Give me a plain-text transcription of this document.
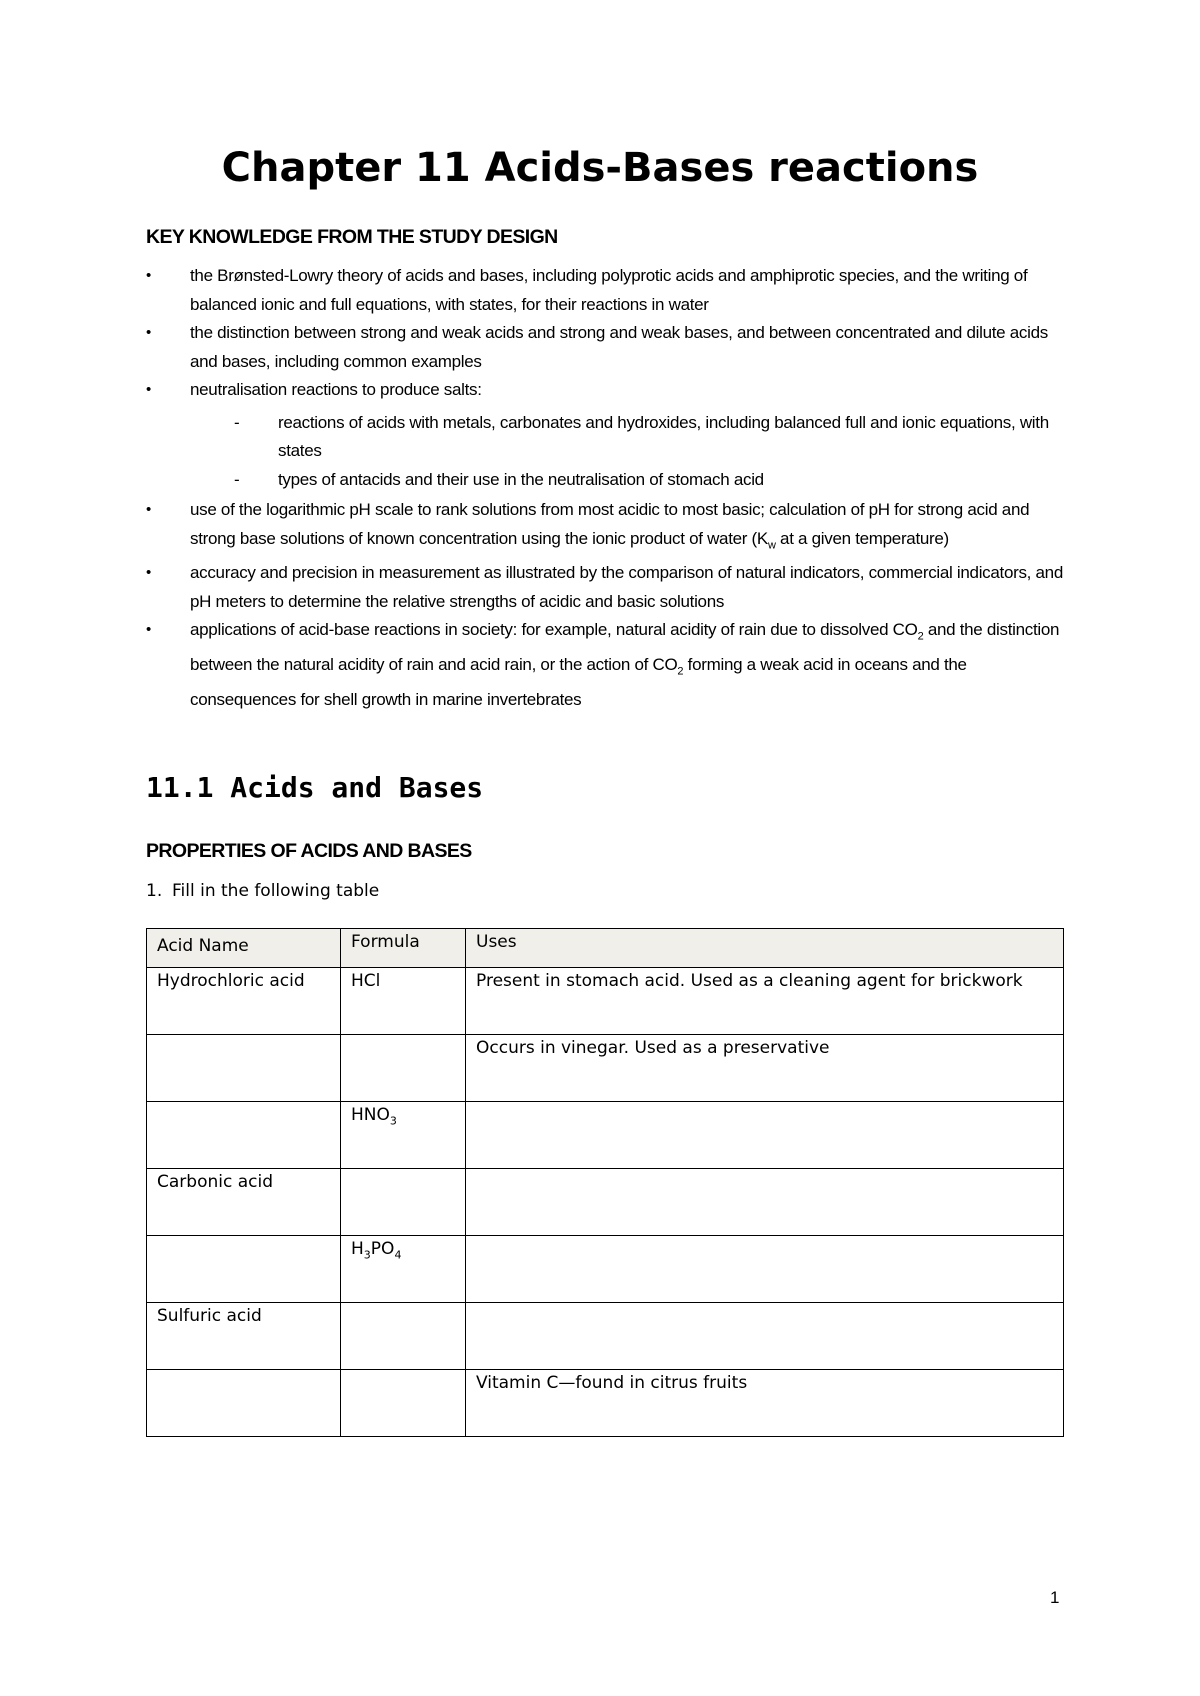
Chapter 11 Acids-Bases reactions
KEY KNOWLEDGE FROM THE STUDY DESIGN
• the Brønsted-Lowry theory of acids and bases, including polyprotic acids and amphiprotic species, and the writing of balanced ionic and full equations, with states, for their reactions in water
• the distinction between strong and weak acids and strong and weak bases, and between concentrated and dilute acids and bases, including common examples
• neutralisation reactions to produce salts:
- reactions of acids with metals, carbonates and hydroxides, including balanced full and ionic equations, with states
- types of antacids and their use in the neutralisation of stomach acid
• use of the logarithmic pH scale to rank solutions from most acidic to most basic; calculation of pH for strong acid and strong base solutions of known concentration using the ionic product of water ($K_w$ at a given temperature)
• accuracy and precision in measurement as illustrated by the comparison of natural indicators, commercial indicators, and pH meters to determine the relative strengths of acidic and basic solutions
• applications of acid-base reactions in society: for example, natural acidity of rain due to dissolved $CO_2$ and the distinction between the natural acidity of rain and acid rain, or the action of $CO_2$ forming a weak acid in oceans and the consequences for shell growth in marine invertebrates
11.1 Acids and Bases
PROPERTIES OF ACIDS AND BASES
1. Fill in the following table
Acid Name	Formula	Uses
Hydrochloric acid	HCl	Present in stomach acid. Used as a cleaning agent for brickwork
		Occurs in vinegar. Used as a preservative
	$HNO_3$	
Carbonic acid		
	$H_3PO_4$	
Sulfuric acid		
		Vitamin C—found in citrus fruits
1
